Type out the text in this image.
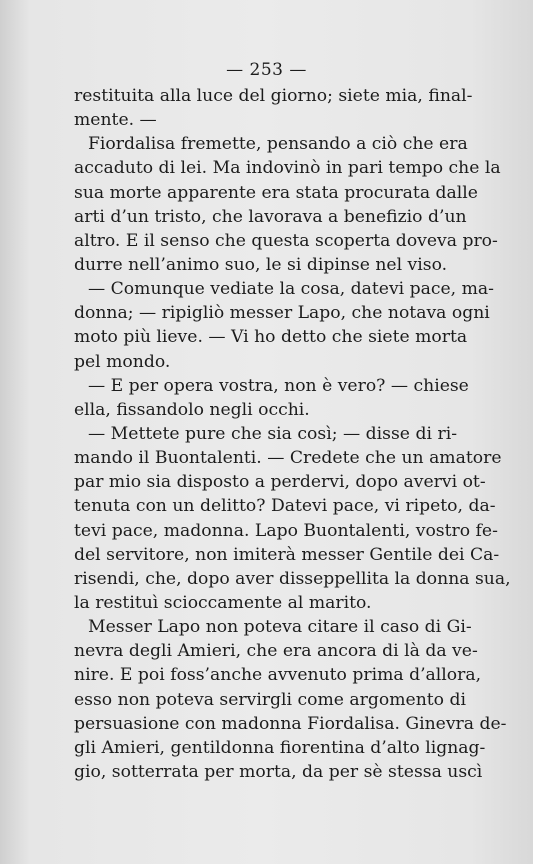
— 253 —
restituita alla luce del giorno; siete mia, final-
mente. —
Fiordalisa fremette, pensando a ciò che era
accaduto di lei. Ma indovinò in pari tempo che la
sua morte apparente era stata procurata dalle
arti d’un tristo, che lavorava a benefizio d’un
altro. E il senso che questa scoperta doveva pro-
durre nell’animo suo, le si dipinse nel viso.
— Comunque vediate la cosa, datevi pace, ma-
donna; — ripigliò messer Lapo, che notava ogni
moto più lieve. — Vi ho detto che siete morta
pel mondo.
— E per opera vostra, non è vero? — chiese
ella, fissandolo negli occhi.
— Mettete pure che sia così; — disse di ri-
mando il Buontalenti. — Credete che un amatore
par mio sia disposto a perdervi, dopo avervi ot-
tenuta con un delitto? Datevi pace, vi ripeto, da-
tevi pace, madonna. Lapo Buontalenti, vostro fe-
del servitore, non imiterà messer Gentile dei Ca-
risendi, che, dopo aver disseppellita la donna sua,
la restituì scioccamente al marito.
Messer Lapo non poteva citare il caso di Gi-
nevra degli Amieri, che era ancora di là da ve-
nire. E poi foss’anche avvenuto prima d’allora,
esso non poteva servirgli come argomento di
persuasione con madonna Fiordalisa. Ginevra de-
gli Amieri, gentildonna fiorentina d’alto lignag-
gio, sotterrata per morta, da per sè stessa uscì
